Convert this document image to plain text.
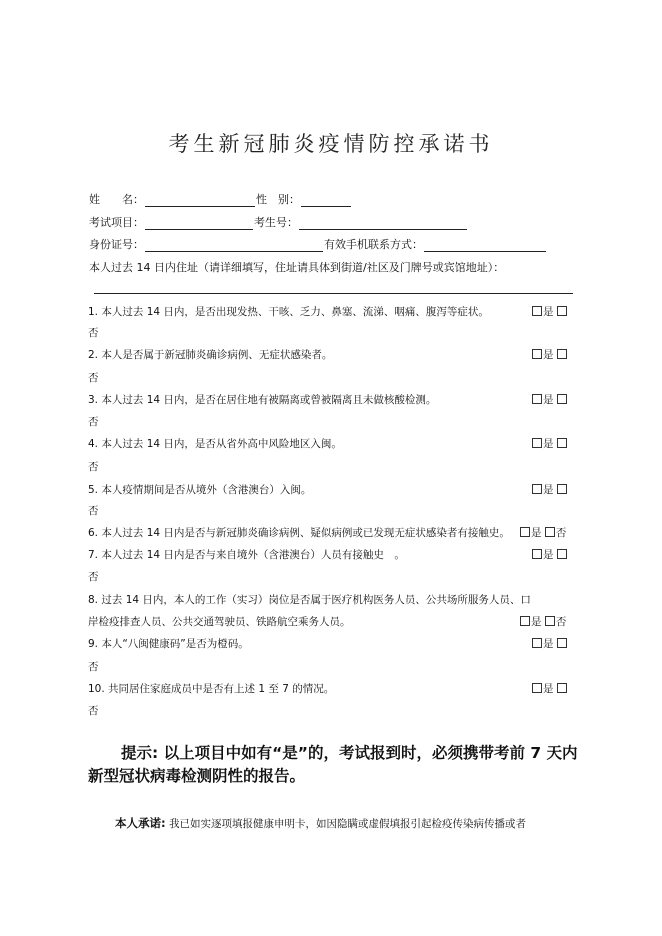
考生新冠肺炎疫情防控承诺书
姓　　名：	性　别：
考试项目：	考生号：
身份证号：	有效手机联系方式：
本人过去 14 日内住址（请详细填写，住址请具体到街道/社区及门牌号或宾馆地址）：
1. 本人过去 14 日内，是否出现发热、干咳、乏力、鼻塞、流涕、咽痛、腹泻等症状。	是
否
2. 本人是否属于新冠肺炎确诊病例、无症状感染者。	是
否
3. 本人过去 14 日内，是否在居住地有被隔离或曾被隔离且未做核酸检测。	是
否
4. 本人过去 14 日内，是否从省外高中风险地区入闽。	是
否
5. 本人疫情期间是否从境外（含港澳台）入闽。	是
否
6. 本人过去 14 日内是否与新冠肺炎确诊病例、疑似病例或已发现无症状感染者有接触史。	是 否
7. 本人过去 14 日内是否与来自境外（含港澳台）人员有接触史　。	是
否
8. 过去 14 日内，本人的工作（实习）岗位是否属于医疗机构医务人员、公共场所服务人员、口
岸检疫排查人员、公共交通驾驶员、铁路航空乘务人员。	是 否
9. 本人“八闽健康码”是否为橙码。	是
否
10. 共同居住家庭成员中是否有上述 1 至 7 的情况。	是
否
提示: 以上项目中如有“是”的，考试报到时，必须携带考前 7 天内新型冠状病毒检测阴性的报告。
本人承诺: 我已如实逐项填报健康申明卡，如因隐瞒或虚假填报引起检疫传染病传播或者
